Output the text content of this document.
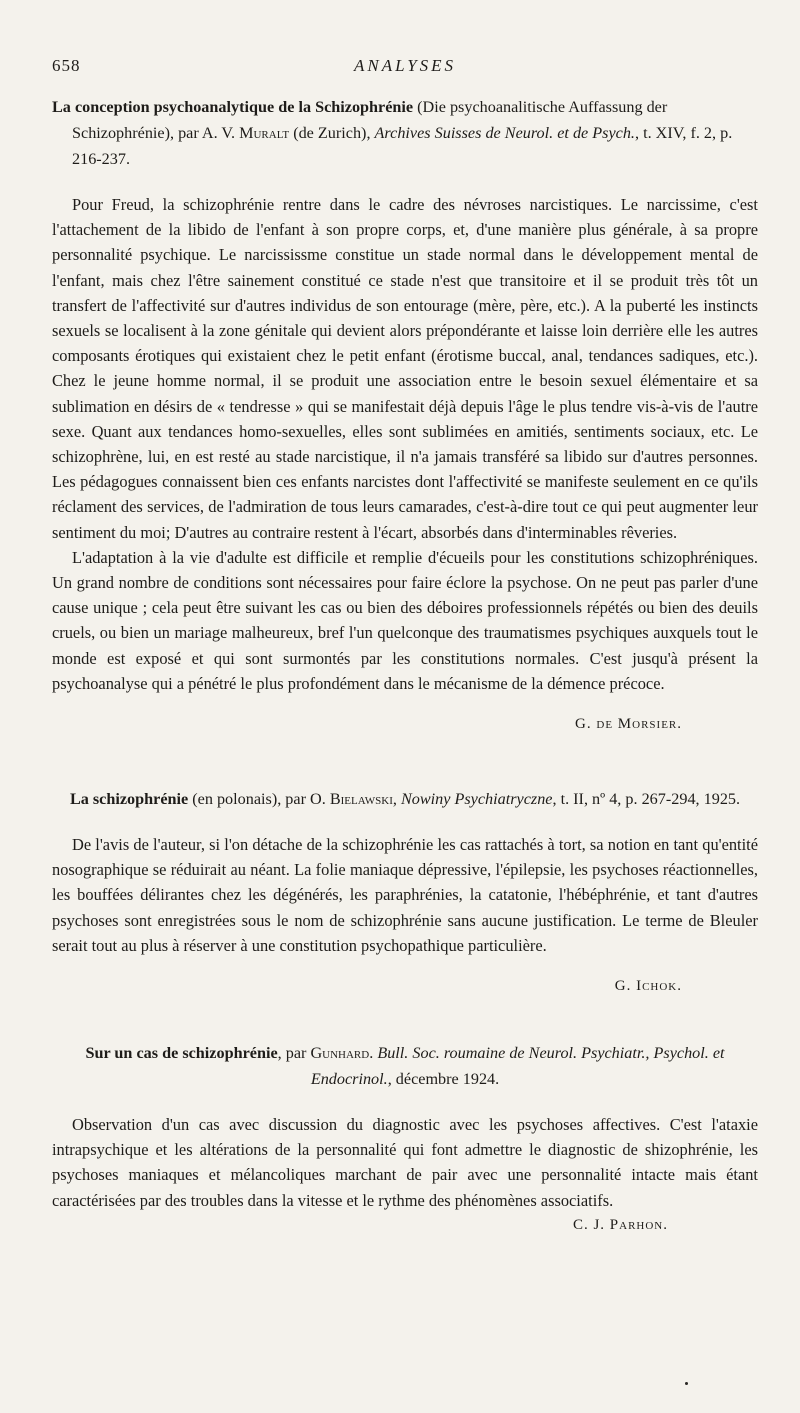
658	ANALYSES
La conception psychoanalytique de la Schizophrénie (Die psychoanalitische Auffassung der Schizophrénie), par A. V. Muralt (de Zurich), Archives Suisses de Neurol. et de Psych., t. XIV, f. 2, p. 216-237.

Pour Freud, la schizophrénie rentre dans le cadre des névroses narcistiques. Le narcissime, c'est l'attachement de la libido de l'enfant à son propre corps, et, d'une manière plus générale, à sa propre personnalité psychique. Le narcississme constitue un stade normal dans le développement mental de l'enfant, mais chez l'être sainement constitué ce stade n'est que transitoire et il se produit très tôt un transfert de l'affectivité sur d'autres individus de son entourage (mère, père, etc.). A la puberté les instincts sexuels se localisent à la zone génitale qui devient alors prépondérante et laisse loin derrière elle les autres composants érotiques qui existaient chez le petit enfant (érotisme buccal, anal, tendances sadiques, etc.). Chez le jeune homme normal, il se produit une association entre le besoin sexuel élémentaire et sa sublimation en désirs de « tendresse » qui se manifestait déjà depuis l'âge le plus tendre vis-à-vis de l'autre sexe. Quant aux tendances homo-sexuelles, elles sont sublimées en amitiés, sentiments sociaux, etc. Le schizophrène, lui, en est resté au stade narcistique, il n'a jamais transféré sa libido sur d'autres personnes. Les pédagogues connaissent bien ces enfants narcistes dont l'affectivité se manifeste seulement en ce qu'ils réclament des services, de l'admiration de tous leurs camarades, c'est-à-dire tout ce qui peut augmenter leur sentiment du moi; D'autres au contraire restent à l'écart, absorbés dans d'interminables rêveries.

L'adaptation à la vie d'adulte est difficile et remplie d'écueils pour les constitutions schizophréniques. Un grand nombre de conditions sont nécessaires pour faire éclore la psychose. On ne peut pas parler d'une cause unique ; cela peut être suivant les cas ou bien des déboires professionnels répétés ou bien des deuils cruels, ou bien un mariage malheureux, bref l'un quelconque des traumatismes psychiques auxquels tout le monde est exposé et qui sont surmontés par les constitutions normales. C'est jusqu'à présent la psychoanalyse qui a pénétré le plus profondément dans le mécanisme de la démence précoce.

G. de Morsier.
La schizophrénie (en polonais), par O. Bielawski, Nowiny Psychiatryczne, t. II, nº 4, p. 267-294, 1925.

De l'avis de l'auteur, si l'on détache de la schizophrénie les cas rattachés à tort, sa notion en tant qu'entité nosographique se réduirait au néant. La folie maniaque dépressive, l'épilepsie, les psychoses réactionnelles, les bouffées délirantes chez les dégénérés, les paraphrénies, la catatonie, l'hébéphrénie, et tant d'autres psychoses sont enregistrées sous le nom de schizophrénie sans aucune justification. Le terme de Bleuler serait tout au plus à réserver à une constitution psychopathique particulière.

G. Ichok.
Sur un cas de schizophrénie, par Gunhard. Bull. Soc. roumaine de Neurol. Psychiatr., Psychol. et Endocrinol., décembre 1924.

Observation d'un cas avec discussion du diagnostic avec les psychoses affectives. C'est l'ataxie intrapsychique et les altérations de la personnalité qui font admettre le diagnostic de shizophrénie, les psychoses maniaques et mélancoliques marchant de pair avec une personnalité intacte mais étant caractérisées par des troubles dans la vitesse et le rythme des phénomènes associatifs.
C. J. Parhon.
